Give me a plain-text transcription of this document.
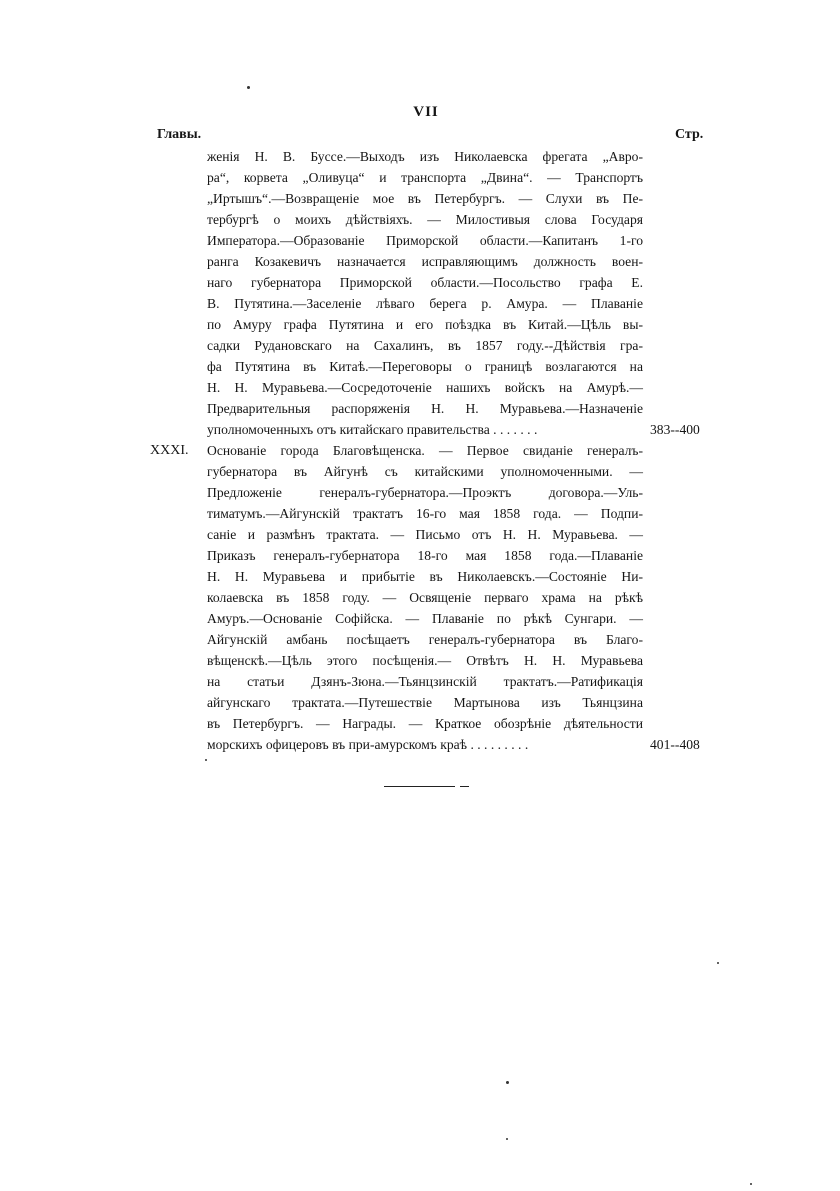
VII
Главы.	Стр.
женія Н. В. Буссе.—Выходъ изъ Николаевска фрегата „Авро-
ра“, корвета „Оливуца“ и транспорта „Двина“. — Транспортъ
„Иртышъ“.—Возвращеніе мое въ Петербургъ. — Слухи въ Пе-
тербургѣ о моихъ дѣйствіяхъ. — Милостивыя слова Государя
Императора.—Образованіе Приморской области.—Капитанъ 1-го
ранга Козакевичъ назначается исправляющимъ должность воен-
наго губернатора Приморской области.—Посольство графа Е.
В. Путятина.—Заселеніе лѣваго берега р. Амура. — Плаваніе
по Амуру графа Путятина и его поѣздка въ Китай.—Цѣль вы-
садки Рудановскаго на Сахалинъ, въ 1857 году.--Дѣйствія гра-
фа Путятина въ Китаѣ.—Переговоры о границѣ возлагаются на
Н. Н. Муравьева.—Сосредоточеніе нашихъ войскъ на Амурѣ.—
Предварительныя распоряженія Н. Н. Муравьева.—Назначеніе
уполномоченныхъ отъ китайскаго правительства . . . . . . .	383--400
XXXI.	Основаніе города Благовѣщенска. — Первое свиданіе генералъ-
губернатора въ Айгунѣ съ китайскими уполномоченными. —
Предложеніе генералъ-губернатора.—Проэктъ договора.—Уль-
тиматумъ.—Айгунскій трактатъ 16-го мая 1858 года. — Подпи-
саніе и размѣнъ трактата. — Письмо отъ Н. Н. Муравьева. —
Приказъ генералъ-губернатора 18-го мая 1858 года.—Плаваніе
Н. Н. Муравьева и прибытіе въ Николаевскъ.—Состояніе Ни-
колаевска въ 1858 году. — Освященіе перваго храма на рѣкѣ
Амуръ.—Основаніе Софійска. — Плаваніе по рѣкѣ Сунгари. —
Айгунскій амбань посѣщаетъ генералъ-губернатора въ Благо-
вѣщенскѣ.—Цѣль этого посѣщенія.— Отвѣтъ Н. Н. Муравьева
на статьи Дзянъ-Зюна.—Тьянцзинскій трактатъ.—Ратификація
айгунскаго трактата.—Путешествіе Мартынова изъ Тьянцзина
въ Петербургъ. — Награды. — Краткое обозрѣніе дѣятельности
морскихъ офицеровъ въ при-амурскомъ краѣ . . . . . . . . .	401--408
